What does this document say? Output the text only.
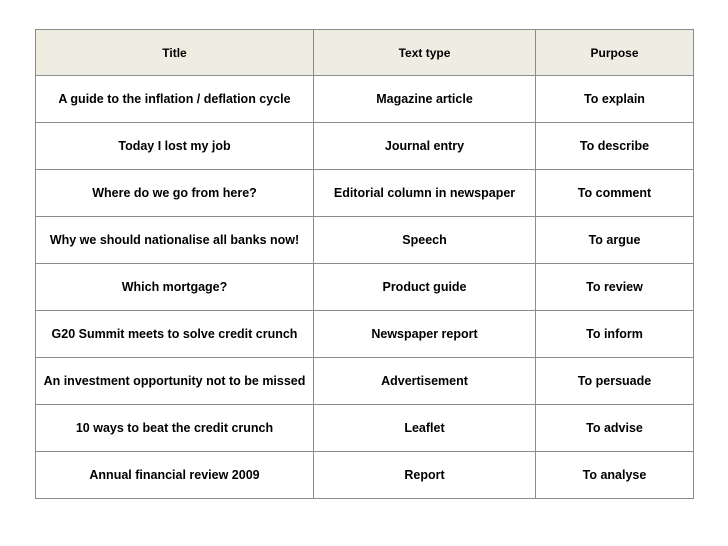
Title	Text type	Purpose
A guide to the inflation / deflation cycle	Magazine article	To explain
Today I lost my job	Journal entry	To describe
Where do we go from here?	Editorial column in newspaper	To comment
Why we should nationalise all banks now!	Speech	To argue
Which mortgage?	Product guide	To review
G20 Summit meets to solve credit crunch	Newspaper report	To inform
An investment opportunity not to be missed	Advertisement	To persuade
10 ways to beat the credit crunch	Leaflet	To advise
Annual financial review 2009	Report	To analyse
